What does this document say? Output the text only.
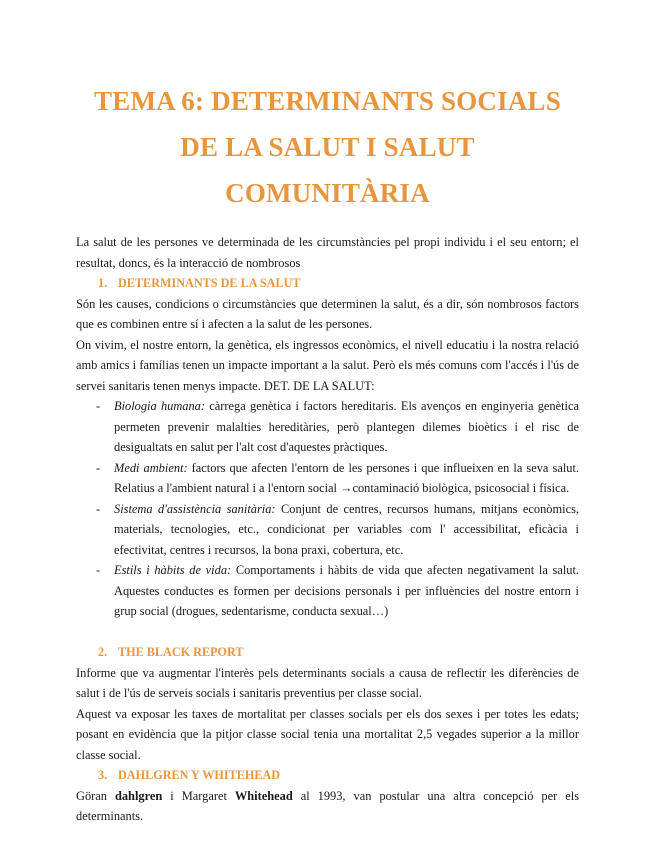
TEMA 6: DETERMINANTS SOCIALS
DE LA SALUT I SALUT
COMUNITÀRIA

La salut de les persones ve determinada de les circumstàncies pel propi individu i el seu entorn; el resultat, doncs, és la interacció de nombrosos

1. DETERMINANTS DE LA SALUT

Són les causes, condicions o circumstàncies que determinen la salut, és a dir, són nombrosos factors que es combinen entre sí i afecten a la salut de les persones.

On vivim, el nostre entorn, la genètica, els ingressos econòmics, el nivell educatiu i la nostra relació amb amics i famílias tenen un impacte important a la salut. Però els més comuns com l'accés i l'ús de servei sanitaris tenen menys impacte. DET. DE LA SALUT:

- Biologia humana: càrrega genètica i factors hereditaris. Els avenços en enginyeria genètica permeten prevenir malalties hereditàries, però plantegen dilemes bioètics i el risc de desigualtats en salut per l'alt cost d'aquestes pràctiques.
- Medi ambient: factors que afecten l'entorn de les persones i que influeixen en la seva salut. Relatius a l'ambient natural i a l'entorn social →contaminació biològica, psicosocial i física.
- Sistema d'assistència sanitària: Conjunt de centres, recursos humans, mitjans econòmics, materials, tecnologies, etc., condicionat per variables com l' accessibilitat, eficàcia i efectivitat, centres i recursos, la bona praxi, cobertura, etc.
- Estils i hàbits de vida: Comportaments i hàbits de vida que afecten negativament la salut. Aquestes conductes es formen per decisions personals i per influències del nostre entorn i grup social (drogues, sedentarisme, conducta sexual…)
2. THE BLACK REPORT

Informe que va augmentar l'interès pels determinants socials a causa de reflectir les diferències de salut i de l'ús de serveis socials i sanitaris preventius per classe social.

Aquest va exposar les taxes de mortalitat per classes socials per els dos sexes i per totes les edats; posant en evidència que la pitjor classe social tenia una mortalitat 2,5 vegades superior a la millor classe social.

3. DAHLGREN Y WHITEHEAD

Göran dahlgren i Margaret Whitehead al 1993, van postular una altra concepció per els determinants.
